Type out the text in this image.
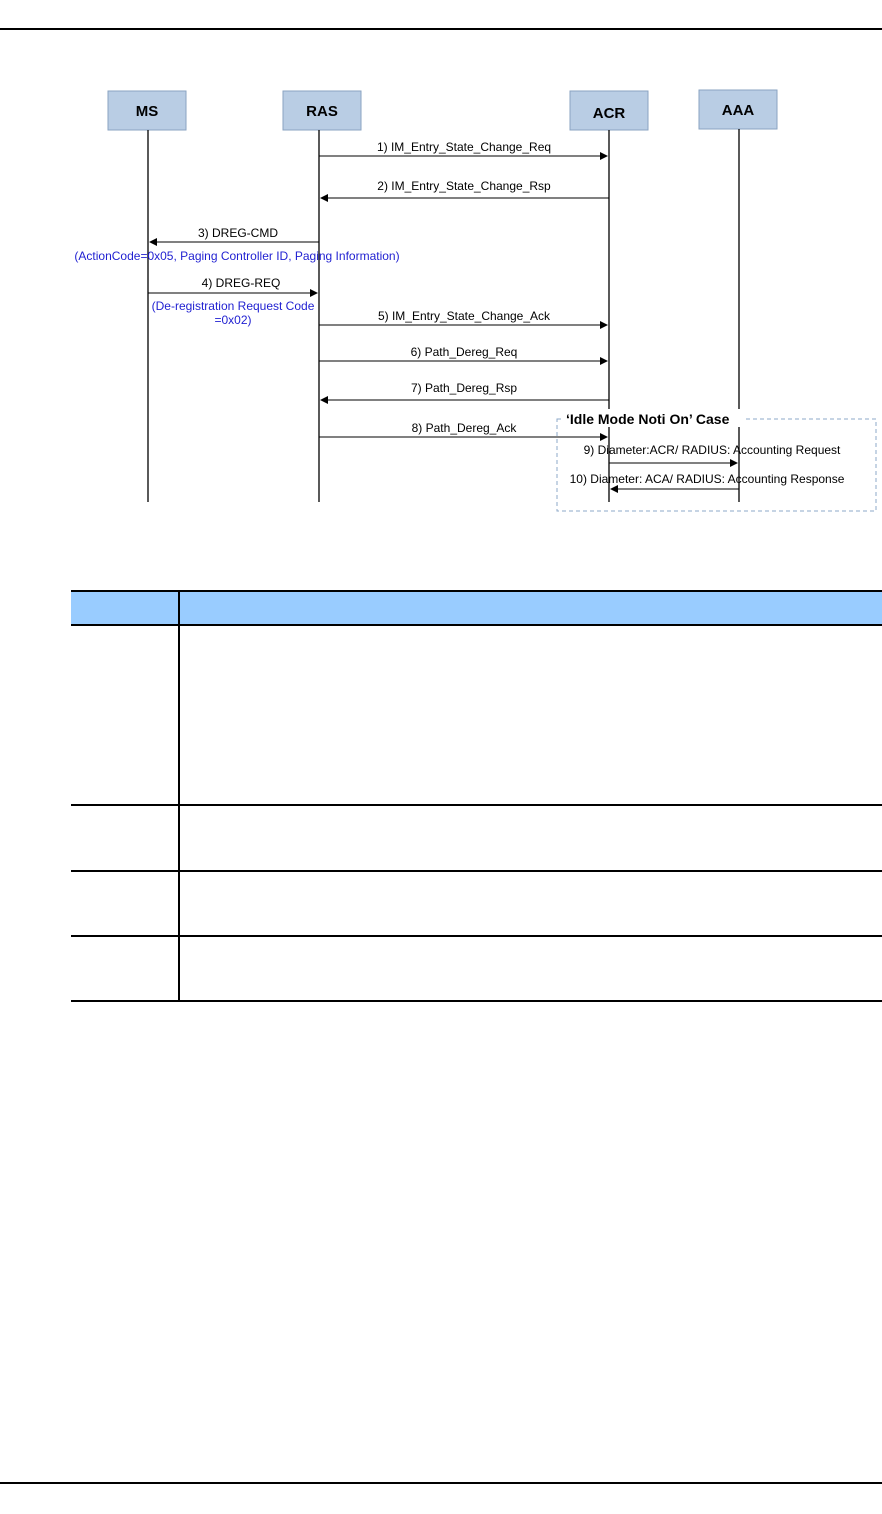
MS	RAS	ACR	AAA
‘Idle Mode Noti On’ Case
1) IM_Entry_State_Change_Req
2) IM_Entry_State_Change_Rsp
3) DREG-CMD
(ActionCode=0x05, Paging Controller ID, Paging Information)
4) DREG-REQ
(De-registration Request Code
=0x02)	5) IM_Entry_State_Change_Ack
6) Path_Dereg_Req
7) Path_Dereg_Rsp
8) Path_Dereg_Ack
9) Diameter:ACR/ RADIUS: Accounting Request
10) Diameter: ACA/ RADIUS: Accounting Response
